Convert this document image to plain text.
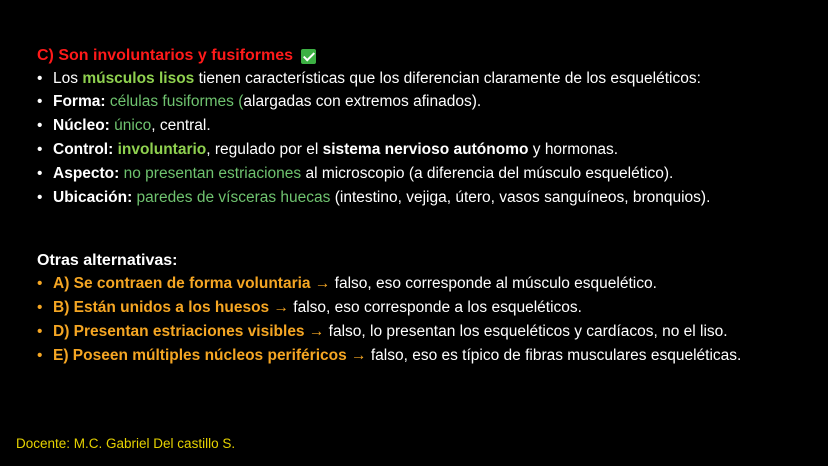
C) Son involuntarios y fusiformes
• Los músculos lisos tienen características que los diferencian claramente de los esqueléticos:
• Forma: células fusiformes (alargadas con extremos afinados).
• Núcleo: único, central.
• Control: involuntario, regulado por el sistema nervioso autónomo y hormonas.
• Aspecto: no presentan estriaciones al microscopio (a diferencia del músculo esquelético).
• Ubicación: paredes de vísceras huecas (intestino, vejiga, útero, vasos sanguíneos, bronquios).
Otras alternativas:
• A) Se contraen de forma voluntaria → falso, eso corresponde al músculo esquelético.
• B) Están unidos a los huesos → falso, eso corresponde a los esqueléticos.
• D) Presentan estriaciones visibles → falso, lo presentan los esqueléticos y cardíacos, no el liso.
• E) Poseen múltiples núcleos periféricos → falso, eso es típico de fibras musculares esqueléticas.
Docente: M.C. Gabriel Del castillo S.
